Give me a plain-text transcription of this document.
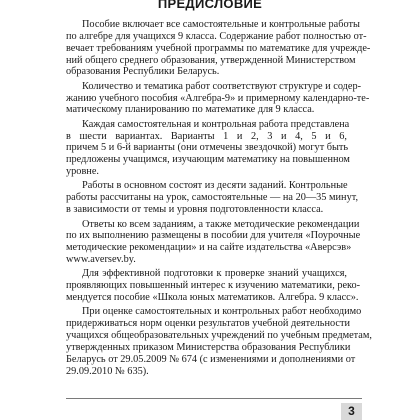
ПРЕДИСЛОВИЕ

Пособие включает все самостоятельные и контрольные работы
по алгебре для учащихся 9 класса. Содержание работ полностью от-
вечает требованиям учебной программы по математике для учрежде-
ний общего среднего образования, утвержденной Министерством
образования Республики Беларусь.

Количество и тематика работ соответствуют структуре и содер-
жанию учебного пособия «Алгебра-9» и примерному календарно-те-
матическому планированию по математике для 9 класса.

Каждая самостоятельная и контрольная работа представлена
в шести вариантах. Варианты 1 и 2, 3 и 4, 5 и 6,
причем 5 и 6-й варианты (они отмечены звездочкой) могут быть
предложены учащимся, изучающим математику на повышенном
уровне.

Работы в основном состоят из десяти заданий. Контрольные
работы рассчитаны на урок, самостоятельные — на 20—35 минут,
в зависимости от темы и уровня подготовленности класса.

Ответы ко всем заданиям, а также методические рекомендации
по их выполнению размещены в пособии для учителя «Поурочные
методические рекомендации» и на сайте издательства «Аверсэв»
www.aversev.by.

Для эффективной подготовки к проверке знаний учащихся,
проявляющих повышенный интерес к изучению математики, реко-
мендуется пособие «Школа юных математиков. Алгебра. 9 класс».

При оценке самостоятельных и контрольных работ необходимо
придерживаться норм оценки результатов учебной деятельности
учащихся общеобразовательных учреждений по учебным предметам,
утвержденных приказом Министерства образования Республики
Беларусь от 29.05.2009 № 674 (с изменениями и дополнениями от
29.09.2010 № 635).

3
